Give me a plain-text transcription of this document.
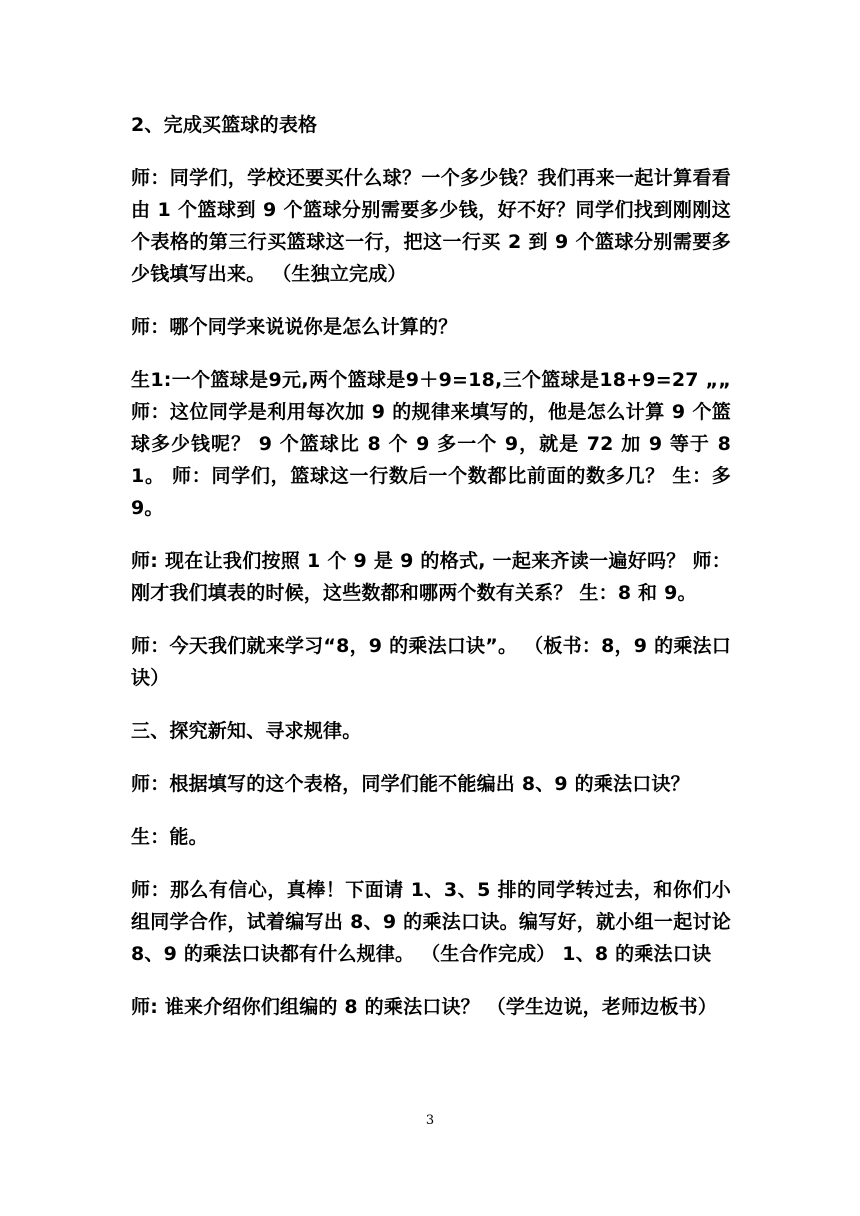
2、完成买篮球的表格

师：同学们，学校还要买什么球？一个多少钱？我们再来一起计算看看由 1 个篮球到 9 个篮球分别需要多少钱，好不好？同学们找到刚刚这个表格的第三行买篮球这一行，把这一行买 2 到 9 个篮球分别需要多少钱填写出来。 （生独立完成）

师：哪个同学来说说你是怎么计算的？

生1:一个篮球是9元,两个篮球是9＋9=18,三个篮球是18+9=27 „„ 师：这位同学是利用每次加 9 的规律来填写的，他是怎么计算 9 个篮球多少钱呢？ 9 个篮球比 8 个 9 多一个 9，就是 72 加 9 等于 81。 师：同学们，篮球这一行数后一个数都比前面的数多几？ 生：多 9。

师: 现在让我们按照 1 个 9 是 9 的格式, 一起来齐读一遍好吗？ 师：刚才我们填表的时候，这些数都和哪两个数有关系？ 生：8 和 9。

师：今天我们就来学习“8，9 的乘法口诀”。 （板书：8，9 的乘法口诀）

三、探究新知、寻求规律。

师：根据填写的这个表格，同学们能不能编出 8、9 的乘法口诀？

生：能。

师：那么有信心，真棒！下面请 1、3、5 排的同学转过去，和你们小组同学合作，试着编写出 8、9 的乘法口诀。编写好，就小组一起讨论 8、9 的乘法口诀都有什么规律。 （生合作完成） 1、8 的乘法口诀

师: 谁来介绍你们组编的 8 的乘法口诀？ （学生边说，老师边板书）

3
